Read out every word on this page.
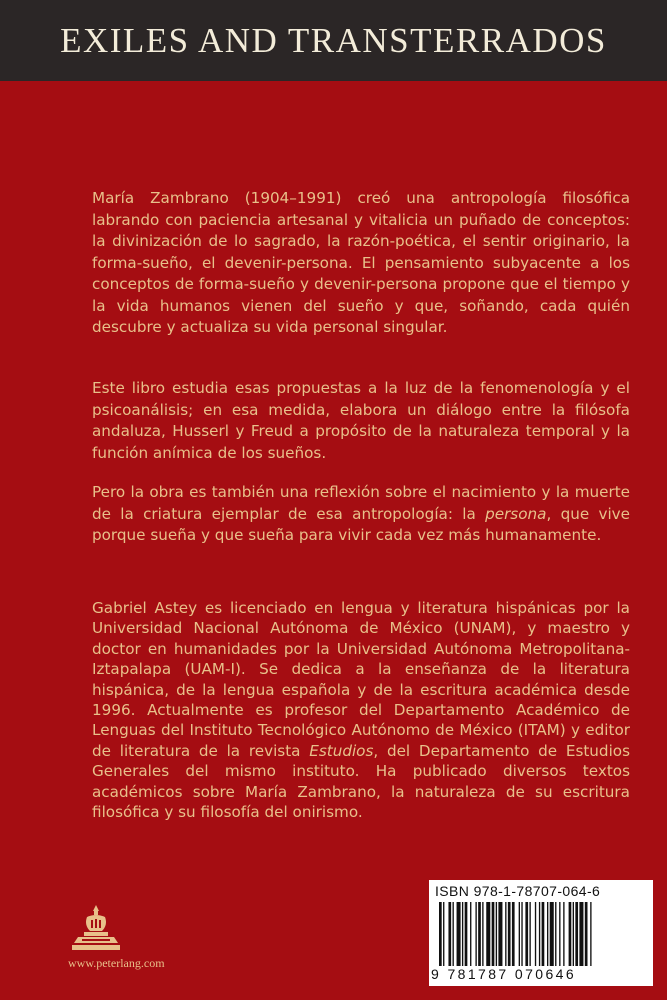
EXILES AND TRANSTERRADOS

María Zambrano (1904–1991) creó una antropología filosófica labrando con paciencia artesanal y vitalicia un puñado de conceptos: la divinización de lo sagrado, la razón-poética, el sentir originario, la forma-sueño, el devenir-persona. El pensamiento subyacente a los conceptos de forma-sueño y devenir-persona propone que el tiempo y la vida humanos vienen del sueño y que, soñando, cada quién descubre y actualiza su vida personal singular.

Este libro estudia esas propuestas a la luz de la fenomenología y el psicoanálisis; en esa medida, elabora un diálogo entre la filósofa andaluza, Husserl y Freud a propósito de la naturaleza temporal y la función anímica de los sueños.

Pero la obra es también una reflexión sobre el nacimiento y la muerte de la criatura ejemplar de esa antropología: la persona, que vive porque sueña y que sueña para vivir cada vez más humanamente.

Gabriel Astey es licenciado en lengua y literatura hispánicas por la Universidad Nacional Autónoma de México (UNAM), y maestro y doctor en humanidades por la Universidad Autónoma Metropolitana-Iztapalapa (UAM-I). Se dedica a la enseñanza de la literatura hispánica, de la lengua española y de la escritura académica desde 1996. Actualmente es profesor del Departamento Académico de Lenguas del Instituto Tecnológico Autónomo de México (ITAM) y editor de literatura de la revista Estudios, del Departamento de Estudios Generales del mismo instituto. Ha publicado diversos textos académicos sobre María Zambrano, la naturaleza de su escritura filosófica y su filosofía del onirismo.

www.peterlang.com
ISBN 978-1-78707-064-6
9 781787 070646
